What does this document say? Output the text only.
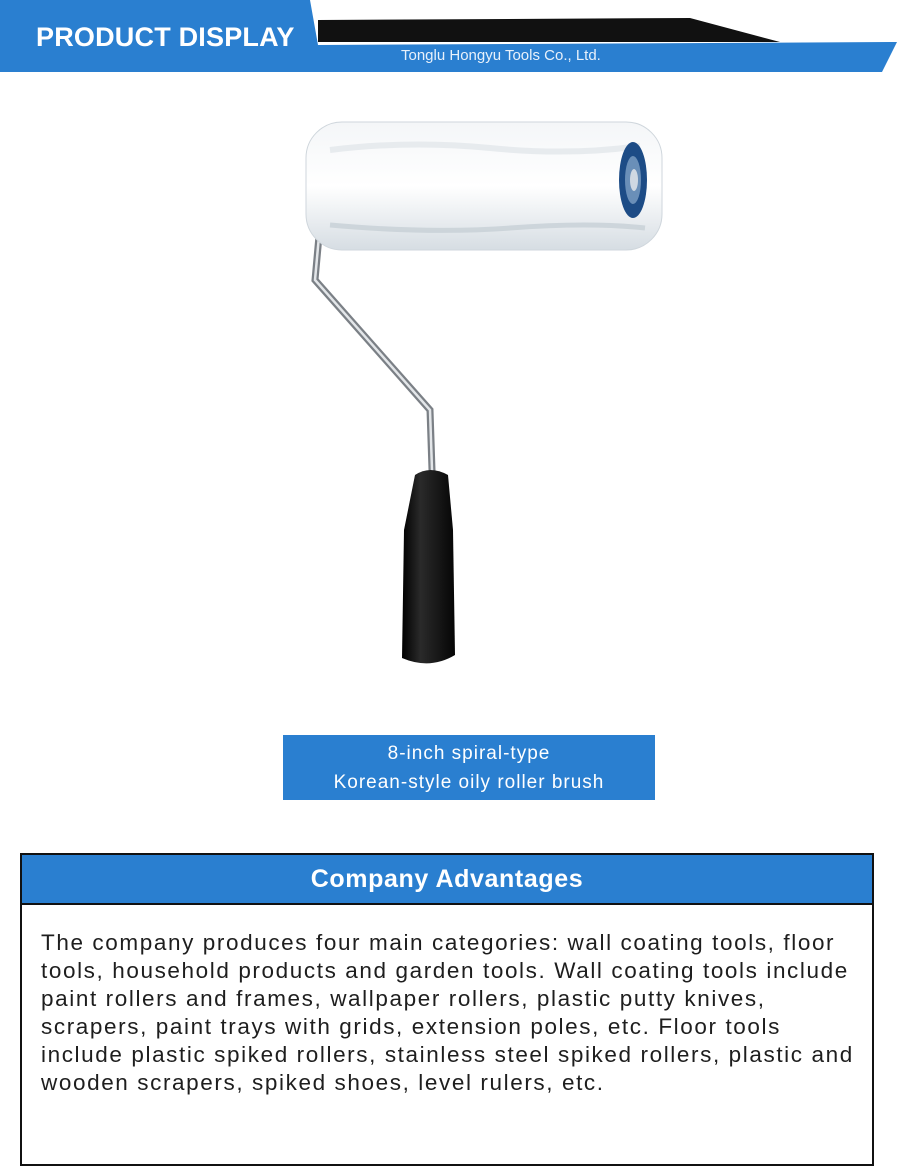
PRODUCT DISPLAY
Tonglu Hongyu Tools Co., Ltd.
8-inch spiral-type
Korean-style oily roller brush
Company Advantages
The company produces four main categories: wall coating tools, floor tools, household products and garden tools. Wall coating tools include paint rollers and frames, wallpaper rollers, plastic putty knives, scrapers, paint trays with grids, extension poles, etc. Floor tools include plastic spiked rollers, stainless steel spiked rollers, plastic and wooden scrapers, spiked shoes, level rulers, etc.
